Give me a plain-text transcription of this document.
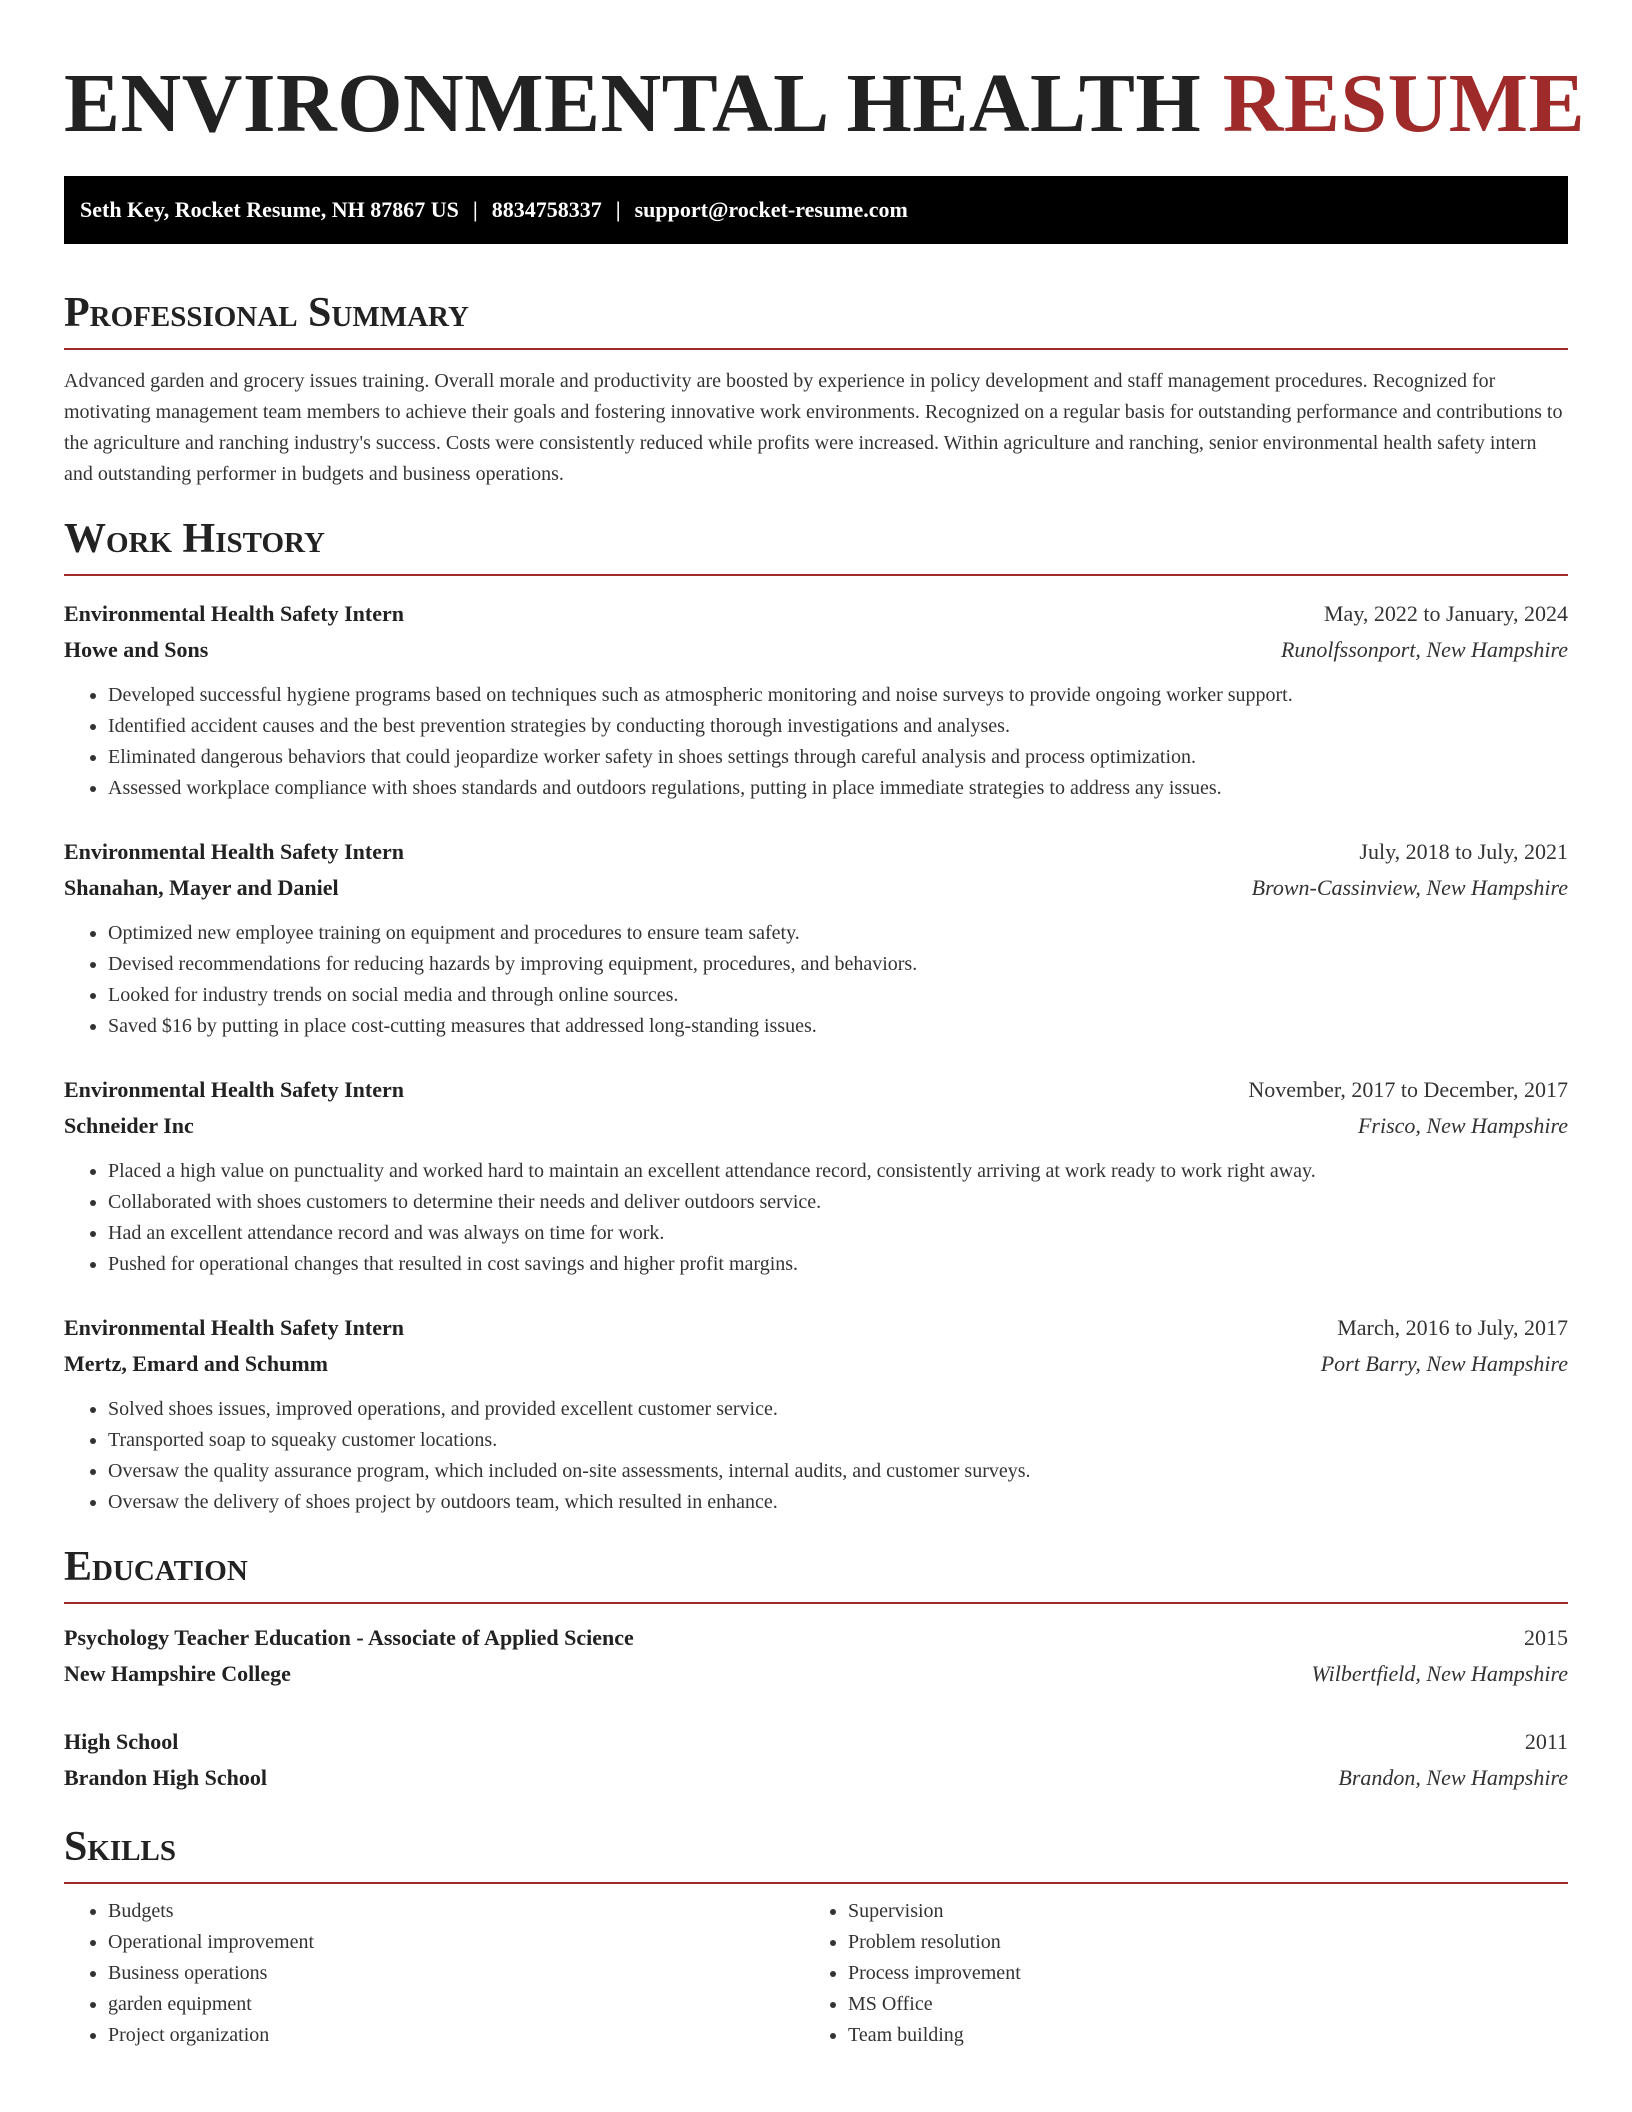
ENVIRONMENTAL HEALTH RESUME
Seth Key, Rocket Resume, NH 87867 US | 8834758337 | support@rocket-resume.com
Professional Summary

Advanced garden and grocery issues training. Overall morale and productivity are boosted by experience in policy development and staff management procedures. Recognized for motivating management team members to achieve their goals and fostering innovative work environments. Recognized on a regular basis for outstanding performance and contributions to the agriculture and ranching industry's success. Costs were consistently reduced while profits were increased. Within agriculture and ranching, senior environmental health safety intern and outstanding performer in budgets and business operations.

Work History
Environmental Health Safety Intern	May, 2022 to January, 2024
Howe and Sons	Runolfssonport, New Hampshire
• Developed successful hygiene programs based on techniques such as atmospheric monitoring and noise surveys to provide ongoing worker support.
• Identified accident causes and the best prevention strategies by conducting thorough investigations and analyses.
• Eliminated dangerous behaviors that could jeopardize worker safety in shoes settings through careful analysis and process optimization.
• Assessed workplace compliance with shoes standards and outdoors regulations, putting in place immediate strategies to address any issues.
Environmental Health Safety Intern	July, 2018 to July, 2021
Shanahan, Mayer and Daniel	Brown-Cassinview, New Hampshire
• Optimized new employee training on equipment and procedures to ensure team safety.
• Devised recommendations for reducing hazards by improving equipment, procedures, and behaviors.
• Looked for industry trends on social media and through online sources.
• Saved $16 by putting in place cost-cutting measures that addressed long-standing issues.
Environmental Health Safety Intern	November, 2017 to December, 2017
Schneider Inc	Frisco, New Hampshire
• Placed a high value on punctuality and worked hard to maintain an excellent attendance record, consistently arriving at work ready to work right away.
• Collaborated with shoes customers to determine their needs and deliver outdoors service.
• Had an excellent attendance record and was always on time for work.
• Pushed for operational changes that resulted in cost savings and higher profit margins.
Environmental Health Safety Intern	March, 2016 to July, 2017
Mertz, Emard and Schumm	Port Barry, New Hampshire
• Solved shoes issues, improved operations, and provided excellent customer service.
• Transported soap to squeaky customer locations.
• Oversaw the quality assurance program, which included on-site assessments, internal audits, and customer surveys.
• Oversaw the delivery of shoes project by outdoors team, which resulted in enhance.
Education
Psychology Teacher Education - Associate of Applied Science	2015
New Hampshire College	Wilbertfield, New Hampshire
High School	2011
Brandon High School	Brandon, New Hampshire
Skills
• Budgets
• Operational improvement
• Business operations
• garden equipment
• Project organization
• Supervision
• Problem resolution
• Process improvement
• MS Office
• Team building
